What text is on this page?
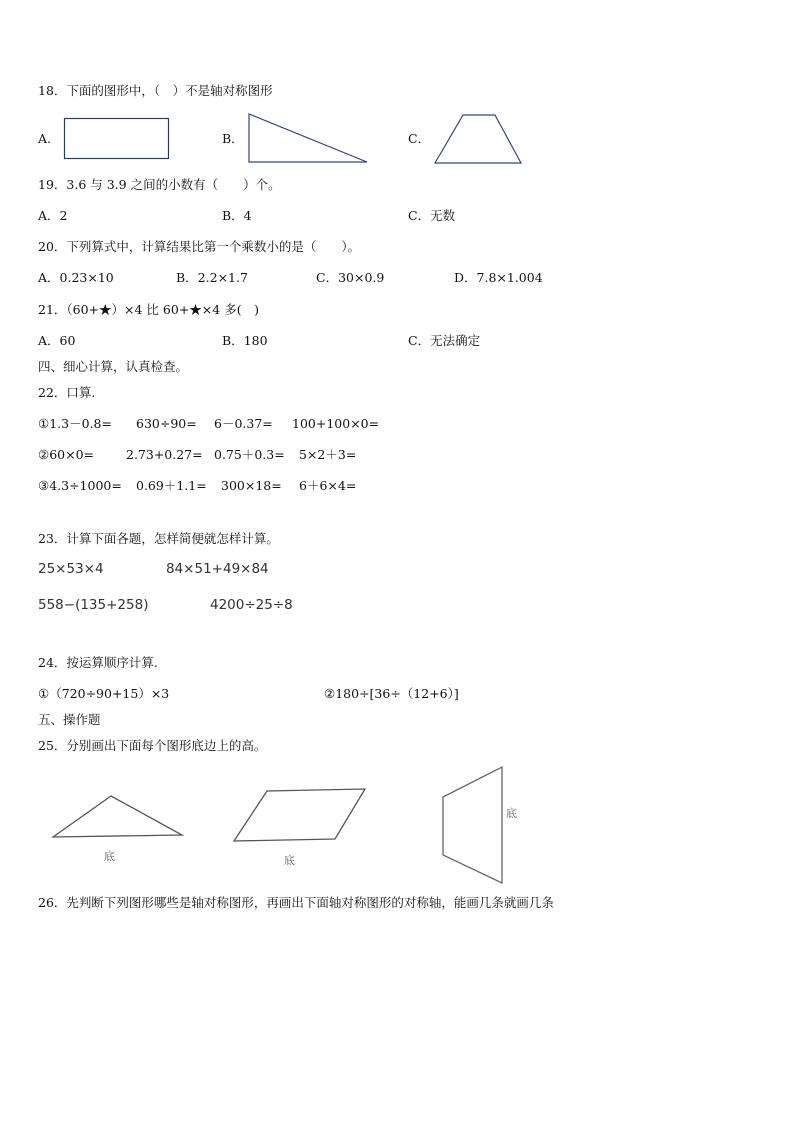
18．下面的图形中，（　）不是轴对称图形
A.	B．	C．
19．3.6 与 3.9 之间的小数有（　　）个。
A．2	B．4	C．无数
20．下列算式中，计算结果比第一个乘数小的是（　　）。
A．0.23×10	B．2.2×1.7	C．30×0.9	D．7.8×1.004
21．（60+★）×4 比 60+★×4 多(　)
A．60	B．180	C．无法确定
四、细心计算，认真检查。
22．口算.
①1.3－0.8= 630÷90= 6－0.37= 100+100×0=
②60×0=	2.73+0.27= 0.75＋0.3= 5×2＋3=
③4.3÷1000= 0.69＋1.1= 300×18= 6＋6×4=
23．计算下面各题，怎样简便就怎样计算。
25×53×4	84×51+49×84
558−(135+258)	4200÷25÷8
24．按运算顺序计算.
①（720÷90+15）×3	②180÷[36÷（12+6）]
五、操作题
25．分别画出下面每个图形底边上的高。
底	底
底
26．先判断下列图形哪些是轴对称图形，再画出下面轴对称图形的对称轴，能画几条就画几条
